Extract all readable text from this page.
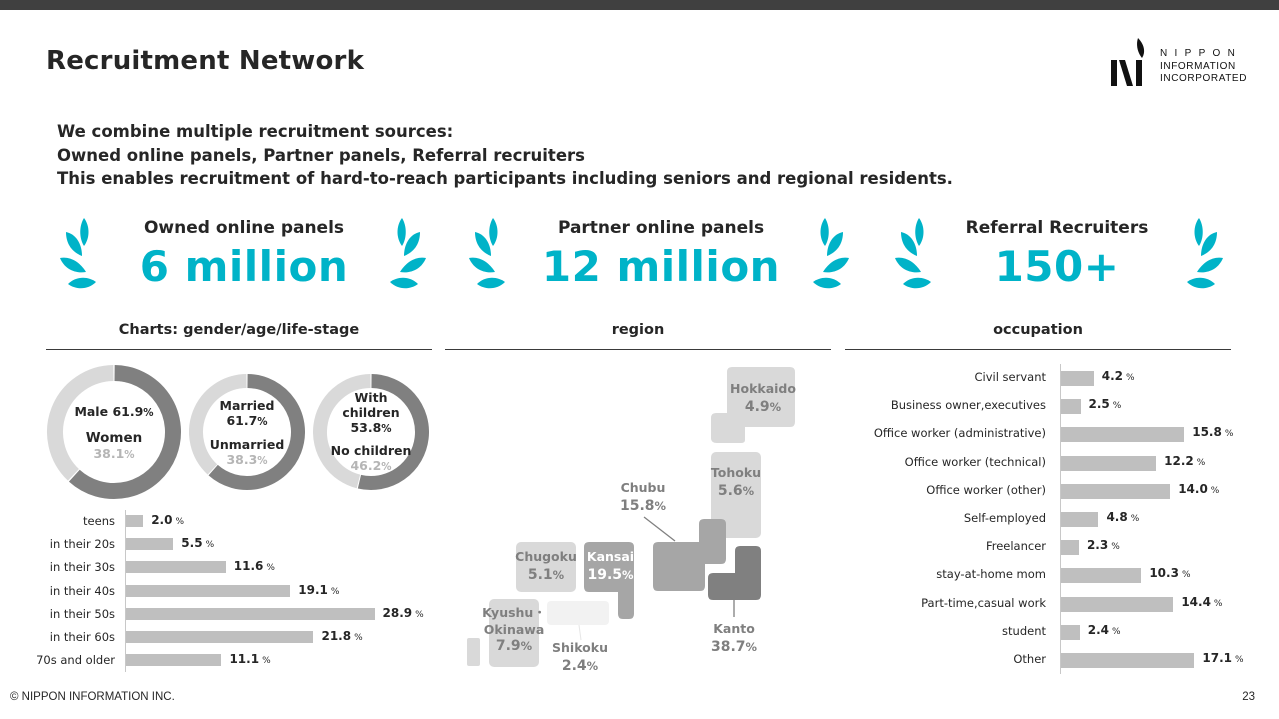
Recruitment Network	NIPPON
INFORMATION
INCORPORATED
We combine multiple recruitment sources:
Owned online panels, Partner panels, Referral recruiters
This enables recruitment of hard-to-reach participants including seniors and regional residents.
Owned online panels
6 million
Partner online panels
12 million
Referral Recruiters
150+
Charts: gender/age/life-stage	region	occupation
Male 61.9%
Women
38.1%
Married
61.7%
Unmarried
38.3%
With
children
53.8%
No children
46.2%
teens	2.0 %
in their 20s	5.5 %
in their 30s	11.6 %
in their 40s	19.1 %
in their 50s	28.9 %
in their 60s	21.8 %
70s and older	11.1 %
Hokkaido
4.9%
Tohoku
5.6%
Chubu
15.8%
Kanto
38.7%
Kansai
19.5%
Chugoku
5.1%
Shikoku
2.4%
Kyushu・
Okinawa
7.9%
Civil servant	4.2 %
Business owner,executives	2.5 %
Office worker (administrative)	15.8 %
Office worker (technical)	12.2 %
Office worker (other)	14.0 %
Self-employed	4.8 %
Freelancer	2.3 %
stay-at-home mom	10.3 %
Part-time,casual work	14.4 %
student	2.4 %
Other	17.1 %
© NIPPON INFORMATION INC.	23
